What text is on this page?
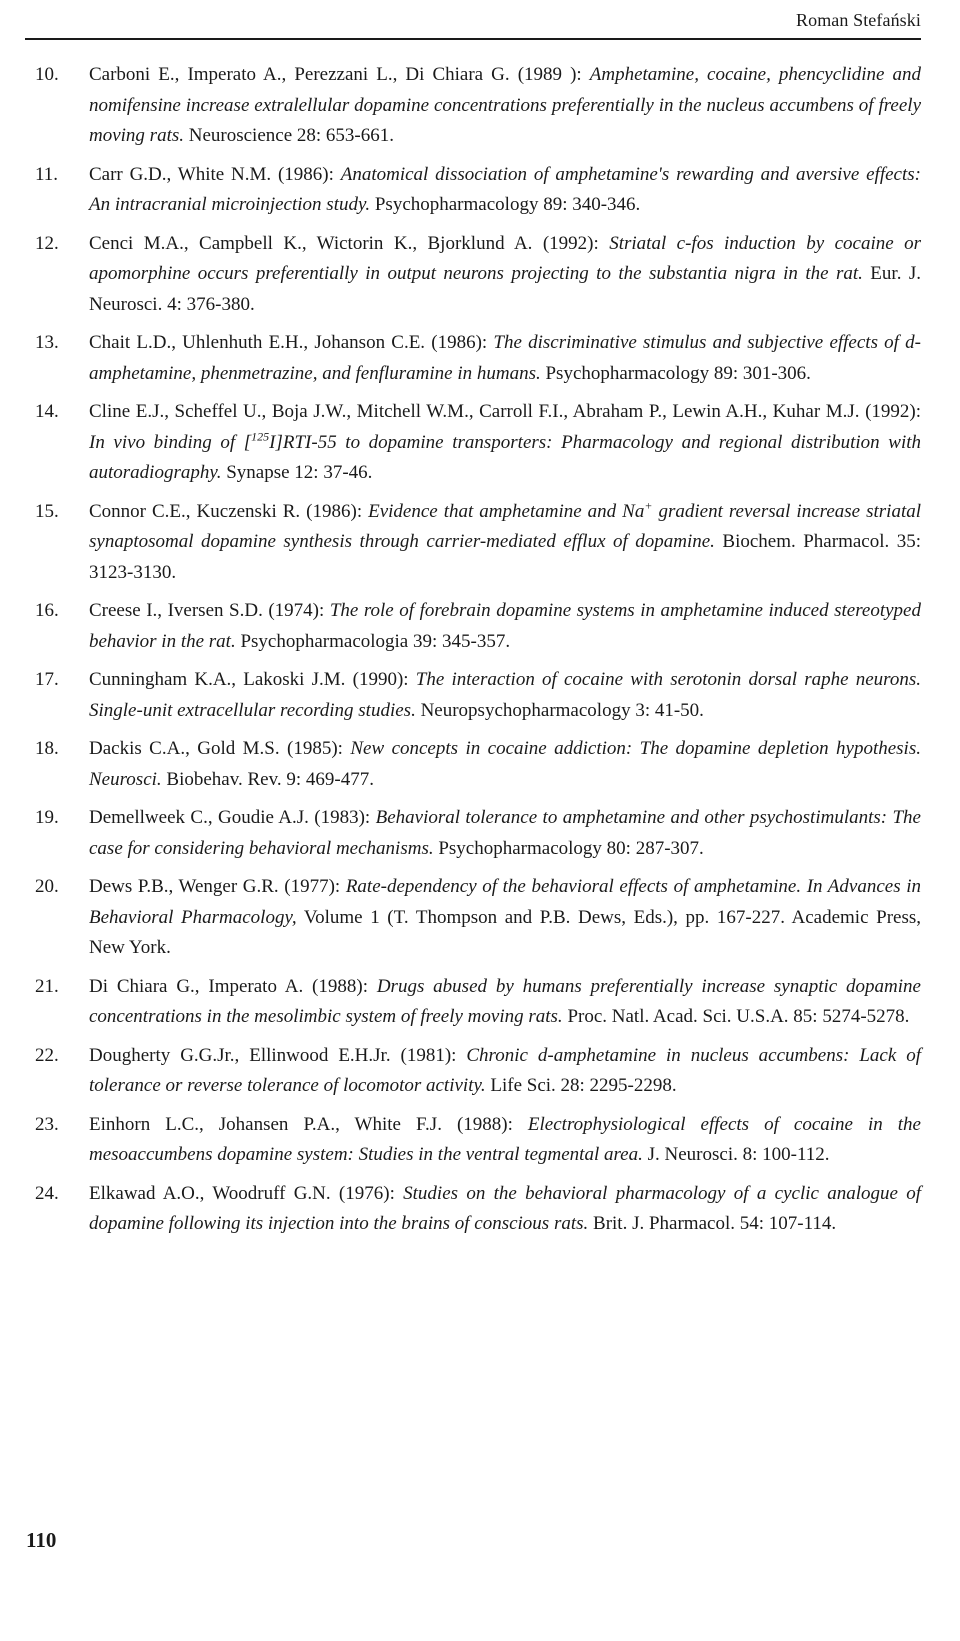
Roman Stefański
10.	Carboni E., Imperato A., Perezzani L., Di Chiara G. (1989 ): Amphetamine, cocaine, phencyclidine and nomifensine increase extralellular dopamine concentrations preferentially in the nucleus accumbens of freely moving rats. Neuroscience 28: 653-661.
11.	Carr G.D., White N.M. (1986): Anatomical dissociation of amphetamine's rewarding and aversive effects: An intracranial microinjection study. Psychopharmacology 89: 340-346.
12.	Cenci M.A., Campbell K., Wictorin K., Bjorklund A. (1992): Striatal c-fos induction by cocaine or apomorphine occurs preferentially in output neurons projecting to the substantia nigra in the rat. Eur. J. Neurosci. 4: 376-380.
13.	Chait L.D., Uhlenhuth E.H., Johanson C.E. (1986): The discriminative stimulus and subjective effects of d-amphetamine, phenmetrazine, and fenfluramine in humans. Psychopharmacology 89: 301-306.
14.	Cline E.J., Scheffel U., Boja J.W., Mitchell W.M., Carroll F.I., Abraham P., Lewin A.H., Kuhar M.J. (1992): In vivo binding of [$^{125}$I]RTI-55 to dopamine transporters: Pharmacology and regional distribution with autoradiography. Synapse 12: 37-46.
15.	Connor C.E., Kuczenski R. (1986): Evidence that amphetamine and Na+ gradient reversal increase striatal synaptosomal dopamine synthesis through carrier-mediated efflux of dopamine. Biochem. Pharmacol. 35: 3123-3130.
16.	Creese I., Iversen S.D. (1974): The role of forebrain dopamine systems in amphetamine induced stereotyped behavior in the rat. Psychopharmacologia 39: 345-357.
17.	Cunningham K.A., Lakoski J.M. (1990): The interaction of cocaine with serotonin dorsal raphe neurons. Single-unit extracellular recording studies. Neuropsychopharmacology 3: 41-50.
18.	Dackis C.A., Gold M.S. (1985): New concepts in cocaine addiction: The dopamine depletion hypothesis. Neurosci. Biobehav. Rev. 9: 469-477.
19.	Demellweek C., Goudie A.J. (1983): Behavioral tolerance to amphetamine and other psychostimulants: The case for considering behavioral mechanisms. Psychopharmacology 80: 287-307.
20.	Dews P.B., Wenger G.R. (1977): Rate-dependency of the behavioral effects of amphetamine. In Advances in Behavioral Pharmacology, Volume 1 (T. Thompson and P.B. Dews, Eds.), pp. 167-227. Academic Press, New York.
21.	Di Chiara G., Imperato A. (1988): Drugs abused by humans preferentially increase synaptic dopamine concentrations in the mesolimbic system of freely moving rats. Proc. Natl. Acad. Sci. U.S.A. 85: 5274-5278.
22.	Dougherty G.G.Jr., Ellinwood E.H.Jr. (1981): Chronic d-amphetamine in nucleus accumbens: Lack of tolerance or reverse tolerance of locomotor activity. Life Sci. 28: 2295-2298.
23.	Einhorn L.C., Johansen P.A., White F.J. (1988): Electrophysiological effects of cocaine in the mesoaccumbens dopamine system: Studies in the ventral tegmental area. J. Neurosci. 8: 100-112.
24.	Elkawad A.O., Woodruff G.N. (1976): Studies on the behavioral pharmacology of a cyclic analogue of dopamine following its injection into the brains of conscious rats. Brit. J. Pharmacol. 54: 107-114.
110
